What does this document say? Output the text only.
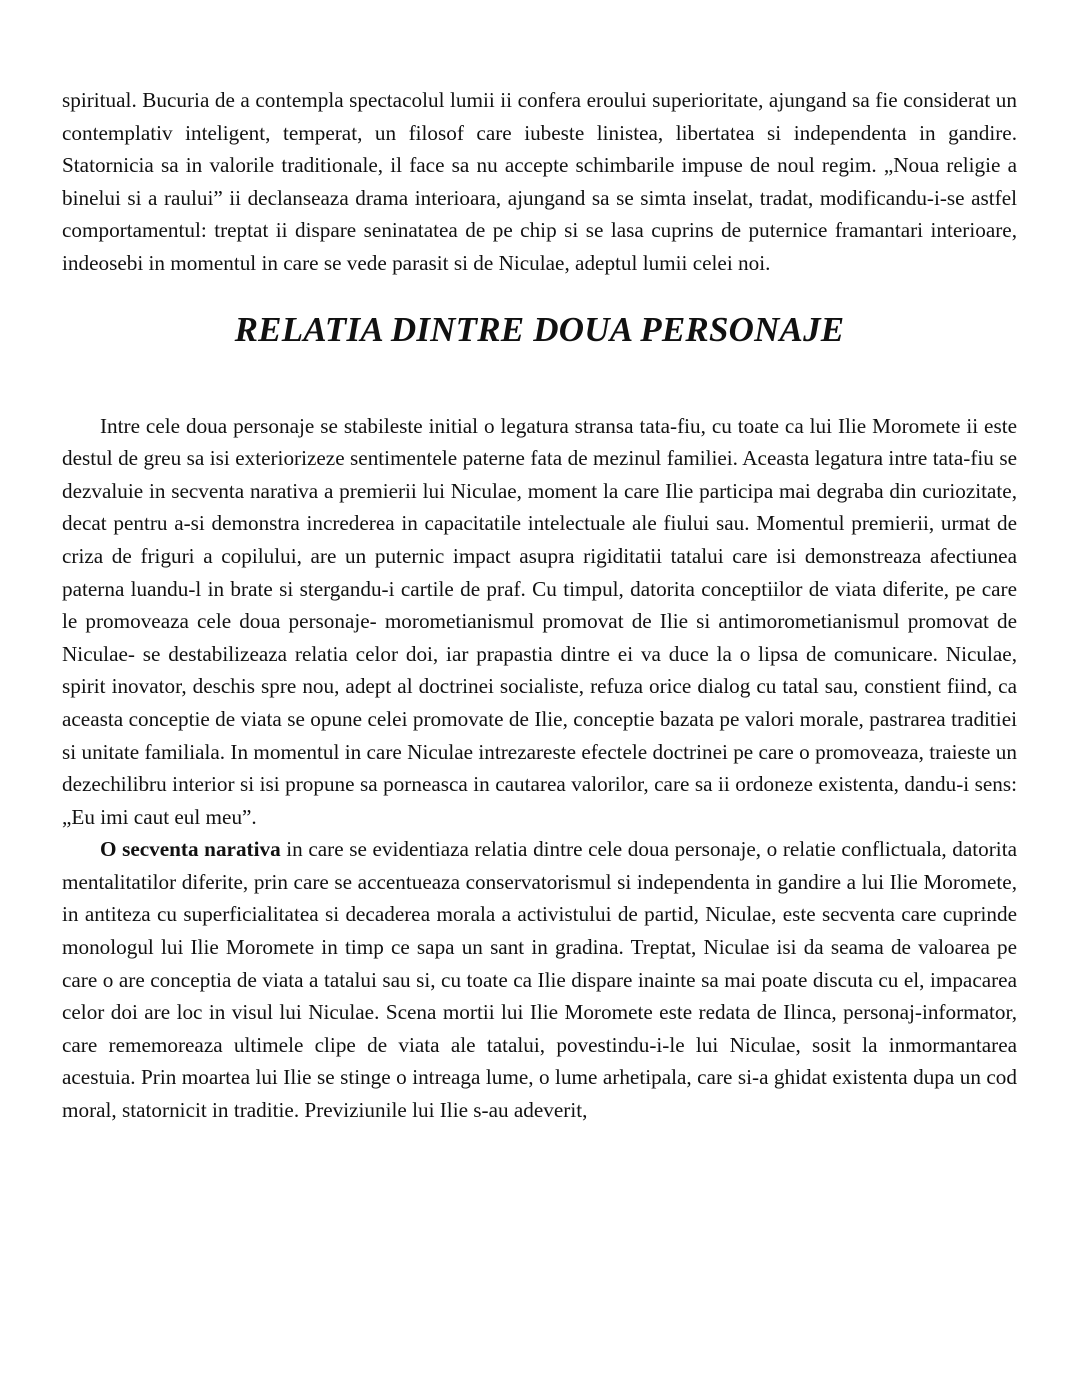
spiritual. Bucuria de a contempla spectacolul lumii ii confera eroului superioritate, ajungand sa fie considerat un contemplativ inteligent, temperat, un filosof care iubeste linistea, libertatea si independenta in gandire. Statornicia sa in valorile traditionale, il face sa nu accepte schimbarile impuse de noul regim. „Noua religie a binelui si a raului” ii declanseaza drama interioara, ajungand sa se simta inselat, tradat, modificandu-i-se astfel comportamentul: treptat ii dispare seninatatea de pe chip si se lasa cuprins de puternice framantari interioare, indeosebi in momentul in care se vede parasit si de Niculae, adeptul lumii celei noi.

RELATIA DINTRE DOUA PERSONAJE

Intre cele doua personaje se stabileste initial o legatura stransa tata-fiu, cu toate ca lui Ilie Moromete ii este destul de greu sa isi exteriorizeze sentimentele paterne fata de mezinul familiei. Aceasta legatura intre tata-fiu se dezvaluie in secventa narativa a premierii lui Niculae, moment la care Ilie participa mai degraba din curiozitate, decat pentru a-si demonstra increderea in capacitatile intelectuale ale fiului sau. Momentul premierii, urmat de criza de friguri a copilului, are un puternic impact asupra rigiditatii tatalui care isi demonstreaza afectiunea paterna luandu-l in brate si stergandu-i cartile de praf. Cu timpul, datorita conceptiilor de viata diferite, pe care le promoveaza cele doua personaje- morometianismul promovat de Ilie si antimorometianismul promovat de Niculae- se destabilizeaza relatia celor doi, iar prapastia dintre ei va duce la o lipsa de comunicare. Niculae, spirit inovator, deschis spre nou, adept al doctrinei socialiste, refuza orice dialog cu tatal sau, constient fiind, ca aceasta conceptie de viata se opune celei promovate de Ilie, conceptie bazata pe valori morale, pastrarea traditiei si unitate familiala. In momentul in care Niculae intrezareste efectele doctrinei pe care o promoveaza, traieste un dezechilibru interior si isi propune sa porneasca in cautarea valorilor, care sa ii ordoneze existenta, dandu-i sens: „Eu imi caut eul meu”.

O secventa narativa in care se evidentiaza relatia dintre cele doua personaje, o relatie conflictuala, datorita mentalitatilor diferite, prin care se accentueaza conservatorismul si independenta in gandire a lui Ilie Moromete, in antiteza cu superficialitatea si decaderea morala a activistului de partid, Niculae, este secventa care cuprinde monologul lui Ilie Moromete in timp ce sapa un sant in gradina. Treptat, Niculae isi da seama de valoarea pe care o are conceptia de viata a tatalui sau si, cu toate ca Ilie dispare inainte sa mai poate discuta cu el, impacarea celor doi are loc in visul lui Niculae. Scena mortii lui Ilie Moromete este redata de Ilinca, personaj-informator, care rememoreaza ultimele clipe de viata ale tatalui, povestindu-i-le lui Niculae, sosit la inmormantarea acestuia. Prin moartea lui Ilie se stinge o intreaga lume, o lume arhetipala, care si-a ghidat existenta dupa un cod moral, statornicit in traditie. Previziunile lui Ilie s-au adeverit,
